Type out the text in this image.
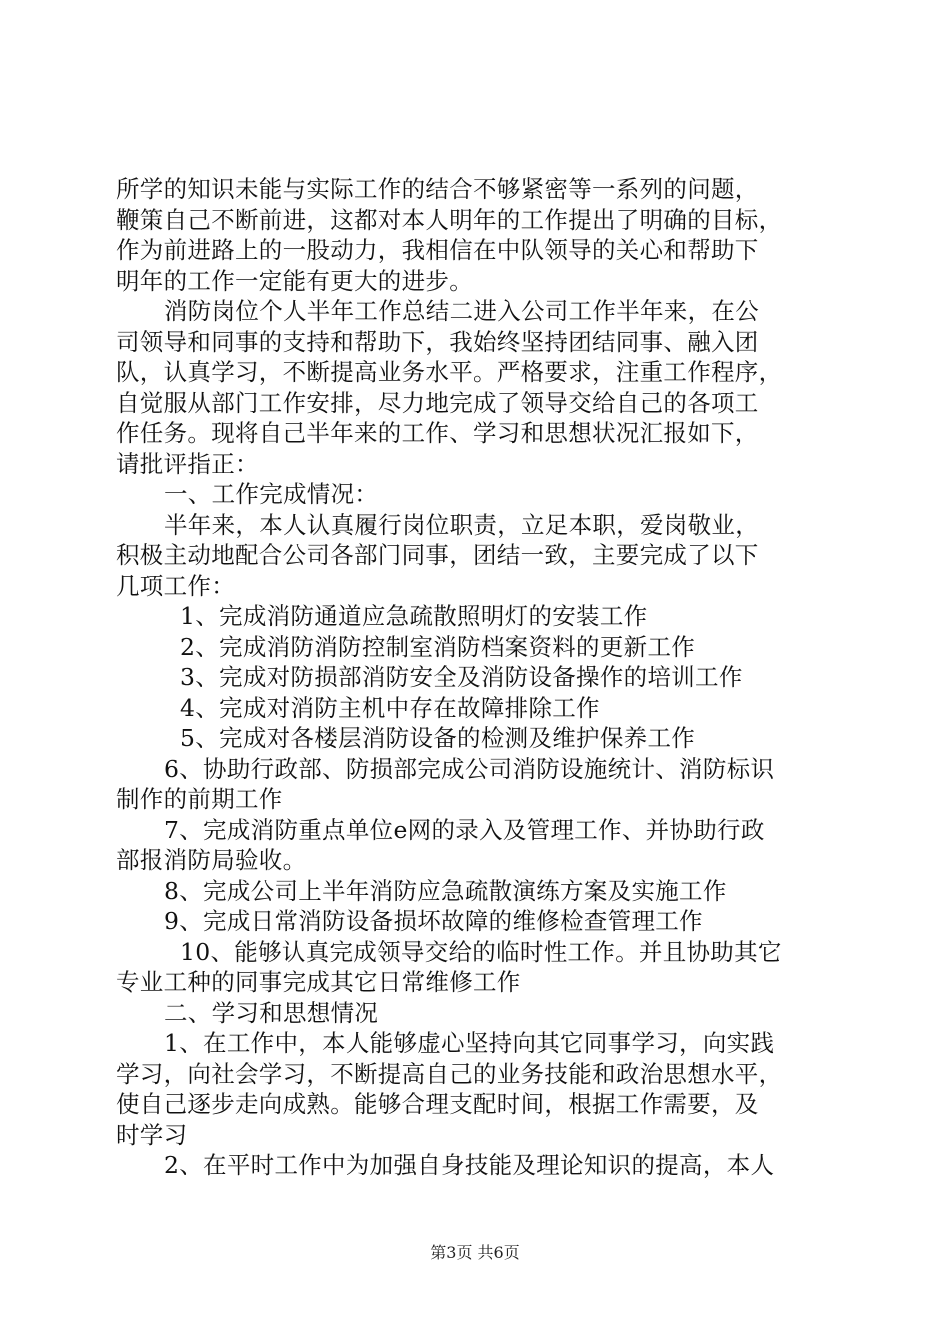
所学的知识未能与实际工作的结合不够紧密等一系列的问题，
鞭策自己不断前进，这都对本人明年的工作提出了明确的目标，
作为前进路上的一股动力，我相信在中队领导的关心和帮助下
明年的工作一定能有更大的进步。
消防岗位个人半年工作总结二进入公司工作半年来，在公
司领导和同事的支持和帮助下，我始终坚持团结同事、融入团
队，认真学习，不断提高业务水平。严格要求，注重工作程序，
自觉服从部门工作安排，尽力地完成了领导交给自己的各项工
作任务。现将自己半年来的工作、学习和思想状况汇报如下，
请批评指正：
一、工作完成情况：
半年来，本人认真履行岗位职责，立足本职，爱岗敬业，
积极主动地配合公司各部门同事，团结一致，主要完成了以下
几项工作：
1、完成消防通道应急疏散照明灯的安装工作
2、完成消防消防控制室消防档案资料的更新工作
3、完成对防损部消防安全及消防设备操作的培训工作
4、完成对消防主机中存在故障排除工作
5、完成对各楼层消防设备的检测及维护保养工作
6、协助行政部、防损部完成公司消防设施统计、消防标识
制作的前期工作
7、完成消防重点单位e网的录入及管理工作、并协助行政
部报消防局验收。
8、完成公司上半年消防应急疏散演练方案及实施工作
9、完成日常消防设备损坏故障的维修检查管理工作
10、能够认真完成领导交给的临时性工作。并且协助其它
专业工种的同事完成其它日常维修工作
二、学习和思想情况
1、在工作中，本人能够虚心坚持向其它同事学习，向实践
学习，向社会学习，不断提高自己的业务技能和政治思想水平，
使自己逐步走向成熟。能够合理支配时间，根据工作需要，及
时学习
2、在平时工作中为加强自身技能及理论知识的提高，本人
第3页 共6页
